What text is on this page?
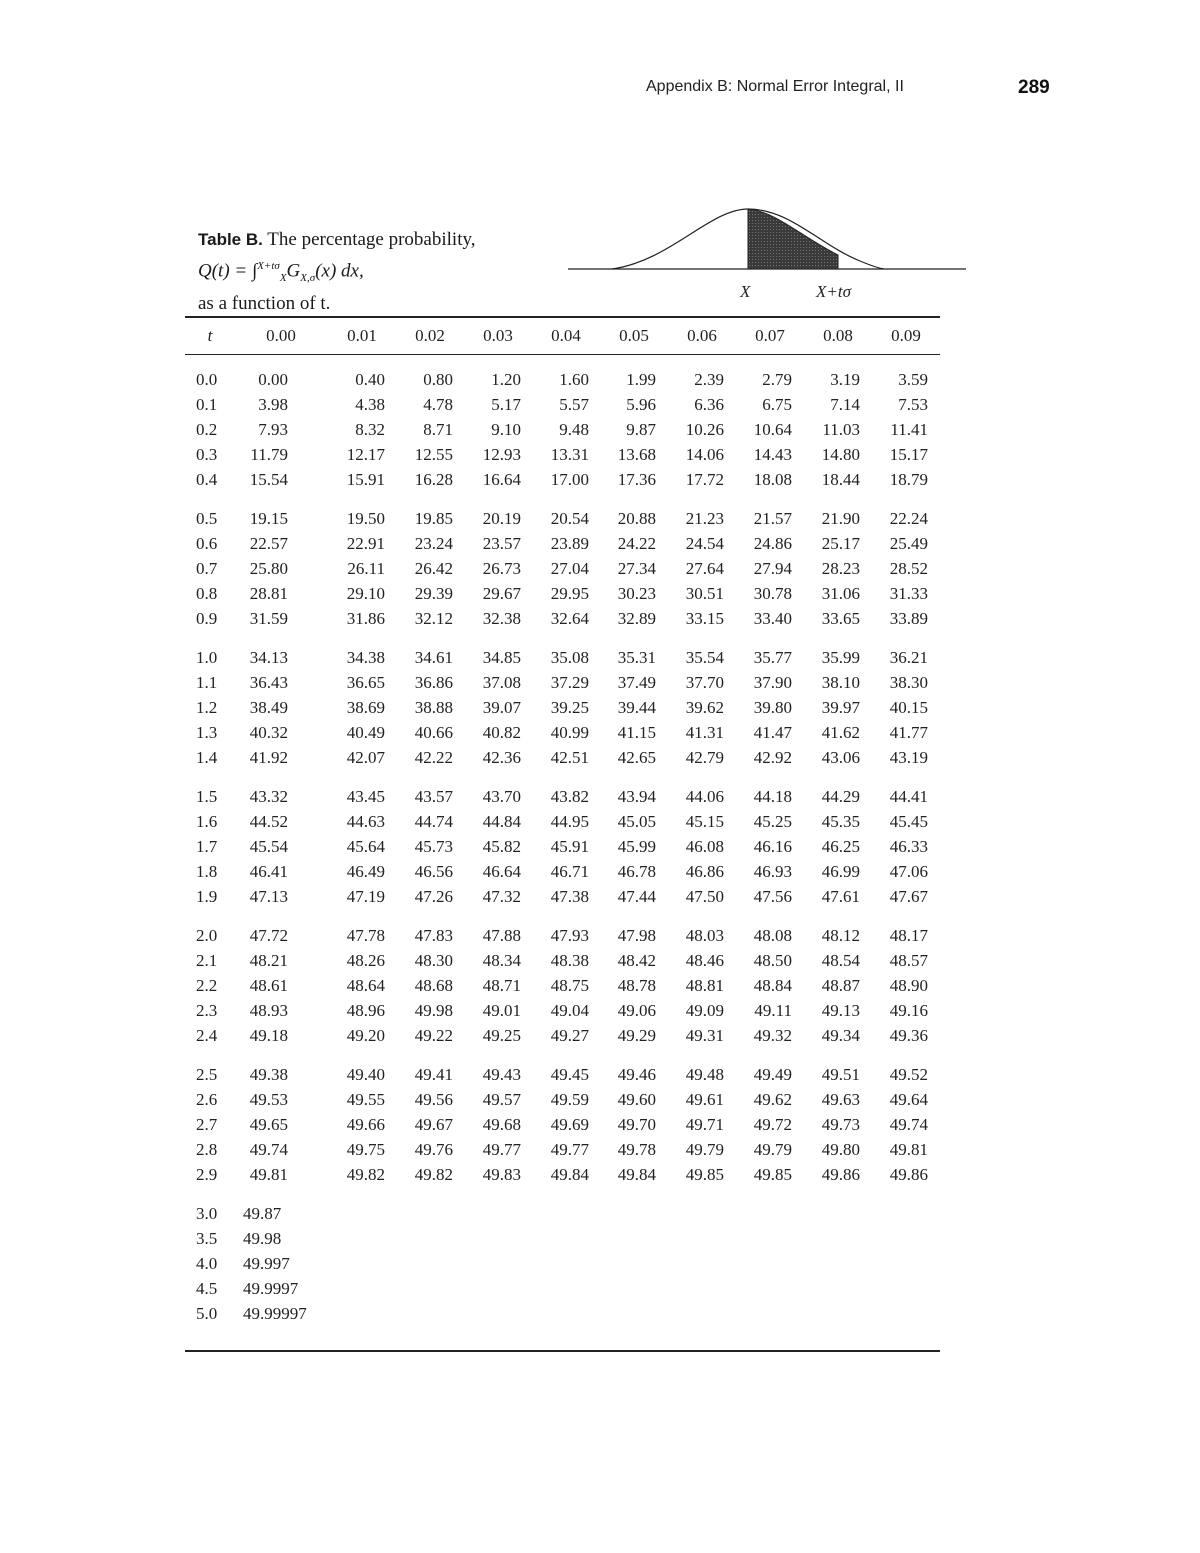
Appendix B: Normal Error Integral, II	289
Table B. The percentage probability,
$Q(t) = \int^{X+t\sigma}_XG_{X,\sigma}(x)$ dx,
as a function of t.
X	X+tσ
t	0.00	0.01	0.02	0.03	0.04	0.05	0.06	0.07	0.08	0.09
0.0 0.00	0.40 0.80 1.20 1.60 1.99 2.39 2.79 3.19 3.59
0.1 3.98	4.38 4.78 5.17 5.57 5.96 6.36 6.75 7.14 7.53
0.2 7.93	8.32 8.71 9.10 9.48 9.87 10.26 10.64 11.03 11.41
0.3 11.79	12.17 12.55 12.93 13.31 13.68 14.06 14.43 14.80 15.17
0.4 15.54	15.91 16.28 16.64 17.00 17.36 17.72 18.08 18.44 18.79
0.5 19.15	19.50 19.85 20.19 20.54 20.88 21.23 21.57 21.90 22.24
0.6 22.57	22.91 23.24 23.57 23.89 24.22 24.54 24.86 25.17 25.49
0.7 25.80	26.11 26.42 26.73 27.04 27.34 27.64 27.94 28.23 28.52
0.8 28.81	29.10 29.39 29.67 29.95 30.23 30.51 30.78 31.06 31.33
0.9 31.59	31.86 32.12 32.38 32.64 32.89 33.15 33.40 33.65 33.89
1.0 34.13	34.38 34.61 34.85 35.08 35.31 35.54 35.77 35.99 36.21
1.1 36.43	36.65 36.86 37.08 37.29 37.49 37.70 37.90 38.10 38.30
1.2 38.49	38.69 38.88 39.07 39.25 39.44 39.62 39.80 39.97 40.15
1.3 40.32	40.49 40.66 40.82 40.99 41.15 41.31 41.47 41.62 41.77
1.4 41.92	42.07 42.22 42.36 42.51 42.65 42.79 42.92 43.06 43.19
1.5 43.32	43.45 43.57 43.70 43.82 43.94 44.06 44.18 44.29 44.41
1.6 44.52	44.63 44.74 44.84 44.95 45.05 45.15 45.25 45.35 45.45
1.7 45.54	45.64 45.73 45.82 45.91 45.99 46.08 46.16 46.25 46.33
1.8 46.41	46.49 46.56 46.64 46.71 46.78 46.86 46.93 46.99 47.06
1.9 47.13	47.19 47.26 47.32 47.38 47.44 47.50 47.56 47.61 47.67
2.0 47.72	47.78 47.83 47.88 47.93 47.98 48.03 48.08 48.12 48.17
2.1 48.21	48.26 48.30 48.34 48.38 48.42 48.46 48.50 48.54 48.57
2.2 48.61	48.64 48.68 48.71 48.75 48.78 48.81 48.84 48.87 48.90
2.3 48.93	48.96 49.98 49.01 49.04 49.06 49.09 49.11 49.13 49.16
2.4 49.18	49.20 49.22 49.25 49.27 49.29 49.31 49.32 49.34 49.36
2.5 49.38	49.40 49.41 49.43 49.45 49.46 49.48 49.49 49.51 49.52
2.6 49.53	49.55 49.56 49.57 49.59 49.60 49.61 49.62 49.63 49.64
2.7 49.65	49.66 49.67 49.68 49.69 49.70 49.71 49.72 49.73 49.74
2.8 49.74	49.75 49.76 49.77 49.77 49.78 49.79 49.79 49.80 49.81
2.9 49.81	49.82 49.82 49.83 49.84 49.84 49.85 49.85 49.86 49.86
3.0 49.87
3.5 49.98
4.0 49.997
4.5 49.9997
5.0 49.99997
